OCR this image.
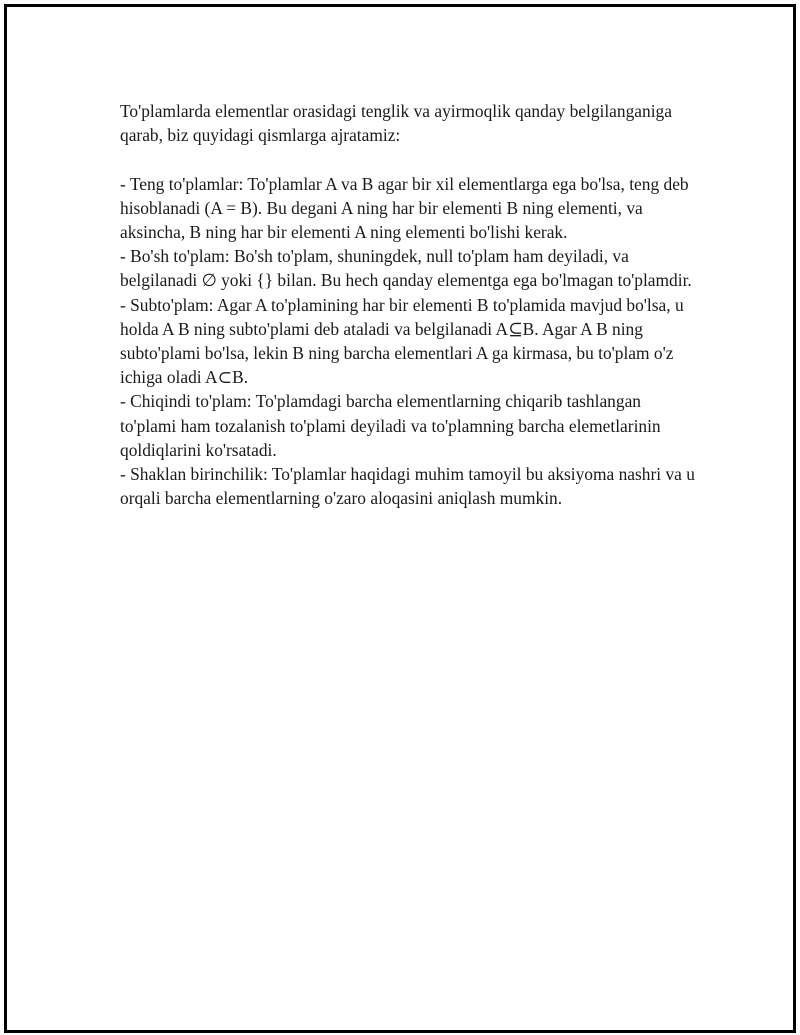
To'plamlarda elementlar orasidagi tenglik va ayirmoqlik qanday belgilanganiga qarab, biz quyidagi qismlarga ajratamiz:

- Teng to'plamlar: To'plamlar A va B agar bir xil elementlarga ega bo'lsa, teng deb hisoblanadi (A = B). Bu degani A ning har bir elementi B ning elementi, va aksincha, B ning har bir elementi A ning elementi bo'lishi kerak.

- Bo'sh to'plam: Bo'sh to'plam, shuningdek, null to'plam ham deyiladi, va belgilanadi ∅ yoki {} bilan. Bu hech qanday elementga ega bo'lmagan to'plamdir.

- Subto'plam: Agar A to'plamining har bir elementi B to'plamida mavjud bo'lsa, u holda A B ning subto'plami deb ataladi va belgilanadi A⊆B. Agar A B ning subto'plami bo'lsa, lekin B ning barcha elementlari A ga kirmasa, bu to'plam o'z ichiga oladi A⊂B.

- Chiqindi to'plam: To'plamdagi barcha elementlarning chiqarib tashlangan to'plami ham tozalanish to'plami deyiladi va to'plamning barcha elemetlarinin qoldiqlarini ko'rsatadi.

- Shaklan birinchilik: To'plamlar haqidagi muhim tamoyil bu aksiyoma nashri va u orqali barcha elementlarning o'zaro aloqasini aniqlash mumkin.
